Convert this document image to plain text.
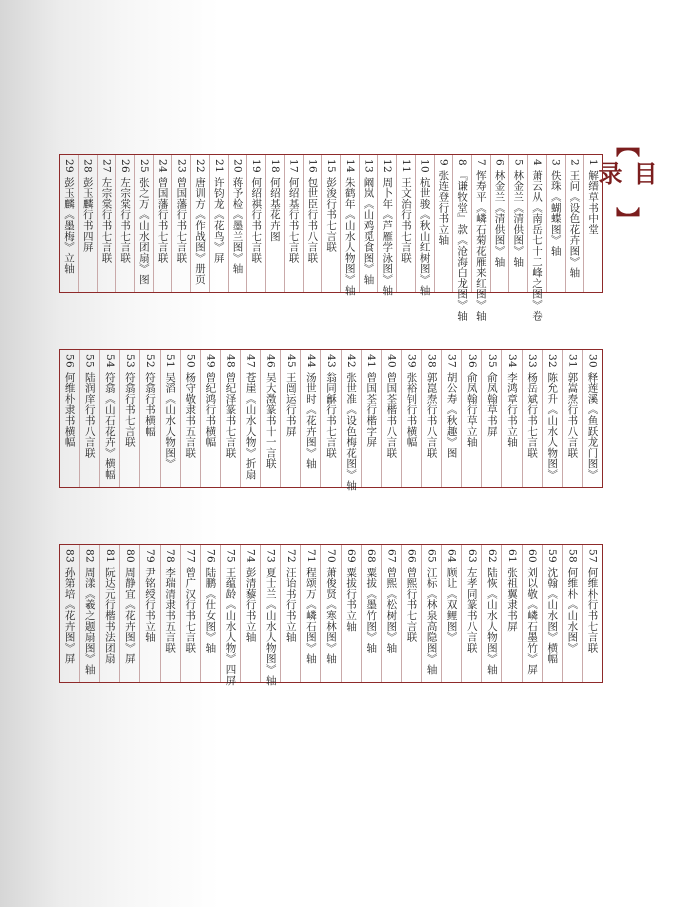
【
目录
】
1 解缙草书中堂
2 王问《设色花卉图》轴
3 佚珠《蝴蝶图》轴
4 萧云从《南岳七十二峰之图》卷
5 林金兰《清供图》轴
6 林金兰《清供图》轴
7 恽寿平《嶙石菊花雁来红图》轴
8 『谦牧堂』款《沧海白龙图》轴
9 张连登行书立轴
10 杭世骏《秋山红树图》轴
11 王文治行书七言联
12 周卜年《芦雁学泳图》轴
13 阚岚《山鸡觅食图》轴
14 朱鹤年《山水人物图》轴
15 彭浚行书七言联
16 包世臣行书八言联
17 何绍基行书七言联
18 何绍基花卉图
19 何绍祺行书七言联
20 蒋予检《墨兰图》轴
21 许钧龙《花鸟》屏
22 唐训方《作战图》册页
23 曾国藩行书七言联
24 曾国藩行书七言联
25 张之万《山水团扇》图
26 左宗棠行书七言联
27 左宗棠行书七言联
28 彭玉麟行书四屏
29 彭玉麟《墨梅》立轴
30 释莲溪《鱼跃龙门图》
31 郭嵩焘行书八言联
32 陈允升《山水人物图》
33 杨岳斌行书七言联
34 李鸿章行书立轴
35 俞凤翰草书屏
36 俞凤翰行草立轴
37 胡公寿《秋趣》图
38 郭崑焘行书八言联
39 张裕钊行书横幅
40 曾国荃楷书八言联
41 曾国荃行楷字屏
42 张世准《设色梅花图》轴
43 翁同龢行书七言联
44 汤世时《花卉图》轴
45 王闿运行书屏
46 吴大澂篆书十一言联
47 苍崖《山水人物》折扇
48 曾纪泽篆书七言联
49 曾纪鸿行书横幅
50 杨守敬隶书五言联
51 吴滔《山水人物图》
52 符翕行书横幅
53 符翕行书七言联
54 符翕《山石花卉》横幅
55 陆润庠行书八言联
56 何维朴隶书横幅
57 何维朴行书七言联
58 何维朴《山水图》
59 沈翰《山水图》横幅
60 刘以敬《嶙石墨竹》屏
61 张祖翼隶书屏
62 陆恢《山水人物图》轴
63 左孝同篆书八言联
64 顾让《双鲤图》
65 江标《林泉高隐图》轴
66 曾熙行书七言联
67 曾熙《松树图》轴
68 粟拔《墨竹图》轴
69 粟拔行书立轴
70 萧俊贤《寒林图》轴
71 程颂万《嶙石图》轴
72 汪诒书行书立轴
73 夏士兰《山水人物图》轴
74 彭清藜行书立轴
75 王蕴龄《山水人物》四屏
76 陆鹏《仕女图》轴
77 曾广汉行书七言联
78 李瑞清隶书五言联
79 尹铭绶行书立轴
80 周静宜《花卉图》屏
81 阮达元行楷书法团扇
82 周漾《羲之题扇图》轴
83 孙第培《花卉图》屏
